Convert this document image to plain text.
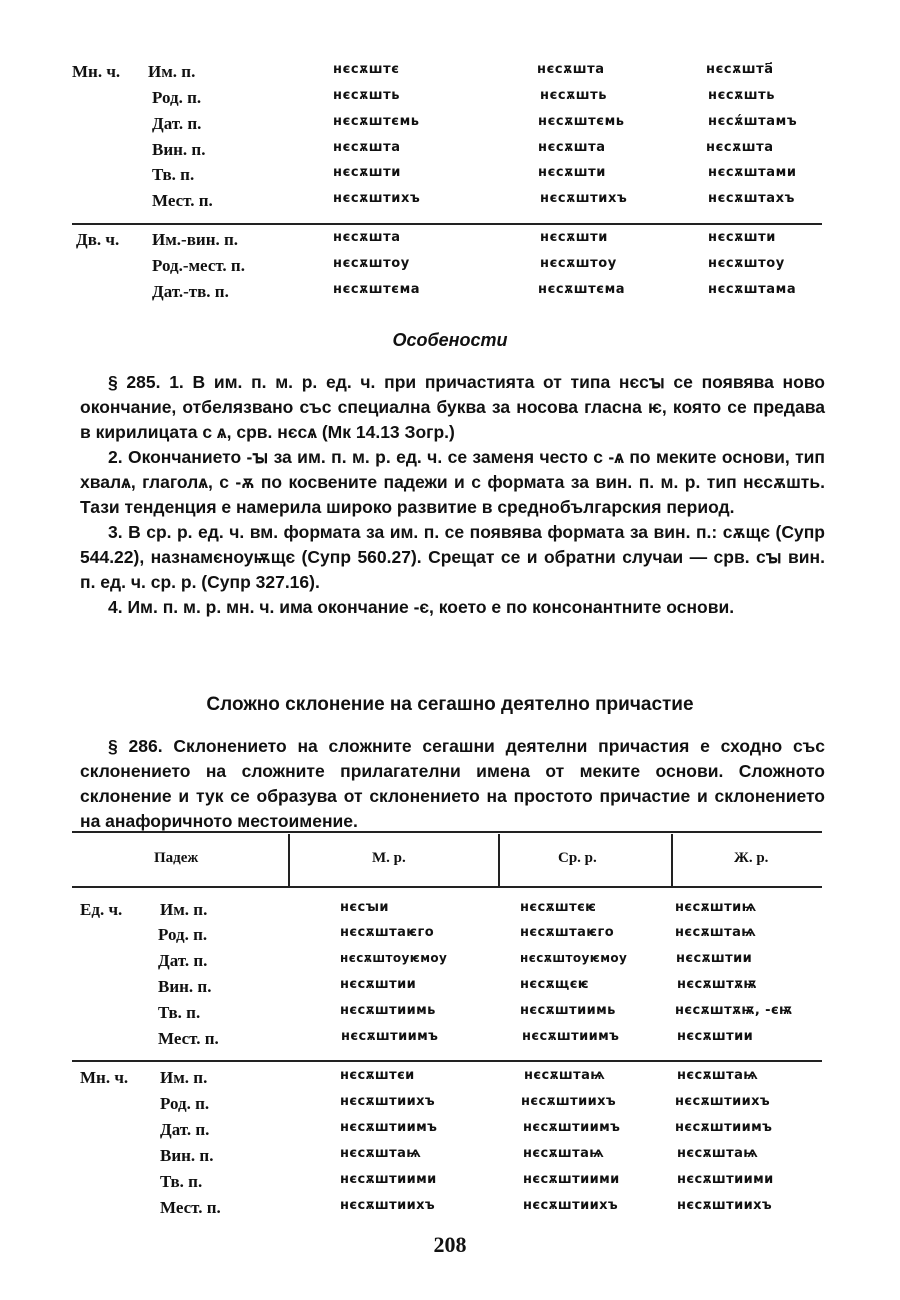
Мн. ч. Им. п.	нєсѫштє	нєсѫшта	нєсѫшта҃
Род. п.	нєсѫшть	нєсѫшть	нєсѫшть
Дат. п.	нєсѫштємь	нєсѫштємь	нєсѫ́штамъ
Вин. п.	нєсѫшта	нєсѫшта	нєсѫшта
Тв. п.	нєсѫшти	нєсѫшти	нєсѫштами
Мест. п.	нєсѫштихъ	нєсѫштихъ	нєсѫштахъ
Дв. ч. Им.-вин. п.	нєсѫшта	нєсѫшти	нєсѫшти
Род.-мест. п.	нєсѫштоу	нєсѫштоу	нєсѫштоу
Дат.-тв. п.	нєсѫштєма	нєсѫштєма	нєсѫштама
Особености

§ 285. 1. В им. п. м. р. ед. ч. при причастията от типа нєсꙑ се появява ново окончание, отбелязвано със специална буква за носова гласна ѥ, която се предава в кирилицата с ѧ, срв. нєсѧ (Мк 14.13 Зогр.)

2. Окончанието -ꙑ за им. п. м. р. ед. ч. се заменя често с -ѧ по меките основи, тип хвалѧ, глаголѧ, с -ѫ по косвените падежи и с формата за вин. п. м. р. тип нєсѫшть. Тази тенденция е намерила широко развитие в среднобългарския период.

3. В ср. р. ед. ч. вм. формата за им. п. се появява формата за вин. п.: сѫщє (Супр 544.22), назнамєноуѭщє (Супр 560.27). Срещат се и обратни случаи — срв. сꙑ вин. п. ед. ч. ср. р. (Супр 327.16).

4. Им. п. м. р. мн. ч. има окончание -є, което е по консонантните основи.

Сложно склонение на сегашно деятелно причастие

§ 286. Склонението на сложните сегашни деятелни причастия е сходно със склонението на сложните прилагателни имена от меките основи. Сложното склонение и тук се образува от склонението на простото причастие и склонението на анафоричното местоимение.

Падеж	М. р.	Ср. р.	Ж. р.
Ед. ч. Им. п.	нєсꙑи	нєсѫштєѥ	нєсѫштиѩ
Род. п.	нєсѫштаѥго	нєсѫштаѥго	нєсѫштаѩ
Дат. п.	нєсѫштоуѥмоу	нєсѫштоуѥмоу	нєсѫштии
Вин. п.	нєсѫштии	нєсѫщєѥ	нєсѫштѫѭ
Тв. п.	нєсѫштиимь	нєсѫштиимь	нєсѫштѫѭ, -єѭ
Мест. п.	нєсѫштиимъ	нєсѫштиимъ	нєсѫштии
Мн. ч. Им. п.	нєсѫштєи	нєсѫштаѩ	нєсѫштаѩ
Род. п.	нєсѫштиихъ	нєсѫштиихъ	нєсѫштиихъ
Дат. п.	нєсѫштиимъ	нєсѫштиимъ	нєсѫштиимъ
Вин. п.	нєсѫштаѩ	нєсѫштаѩ	нєсѫштаѩ
Тв. п.	нєсѫштиими	нєсѫштиими	нєсѫштиими
Мест. п.	нєсѫштиихъ	нєсѫштиихъ	нєсѫштиихъ
208
